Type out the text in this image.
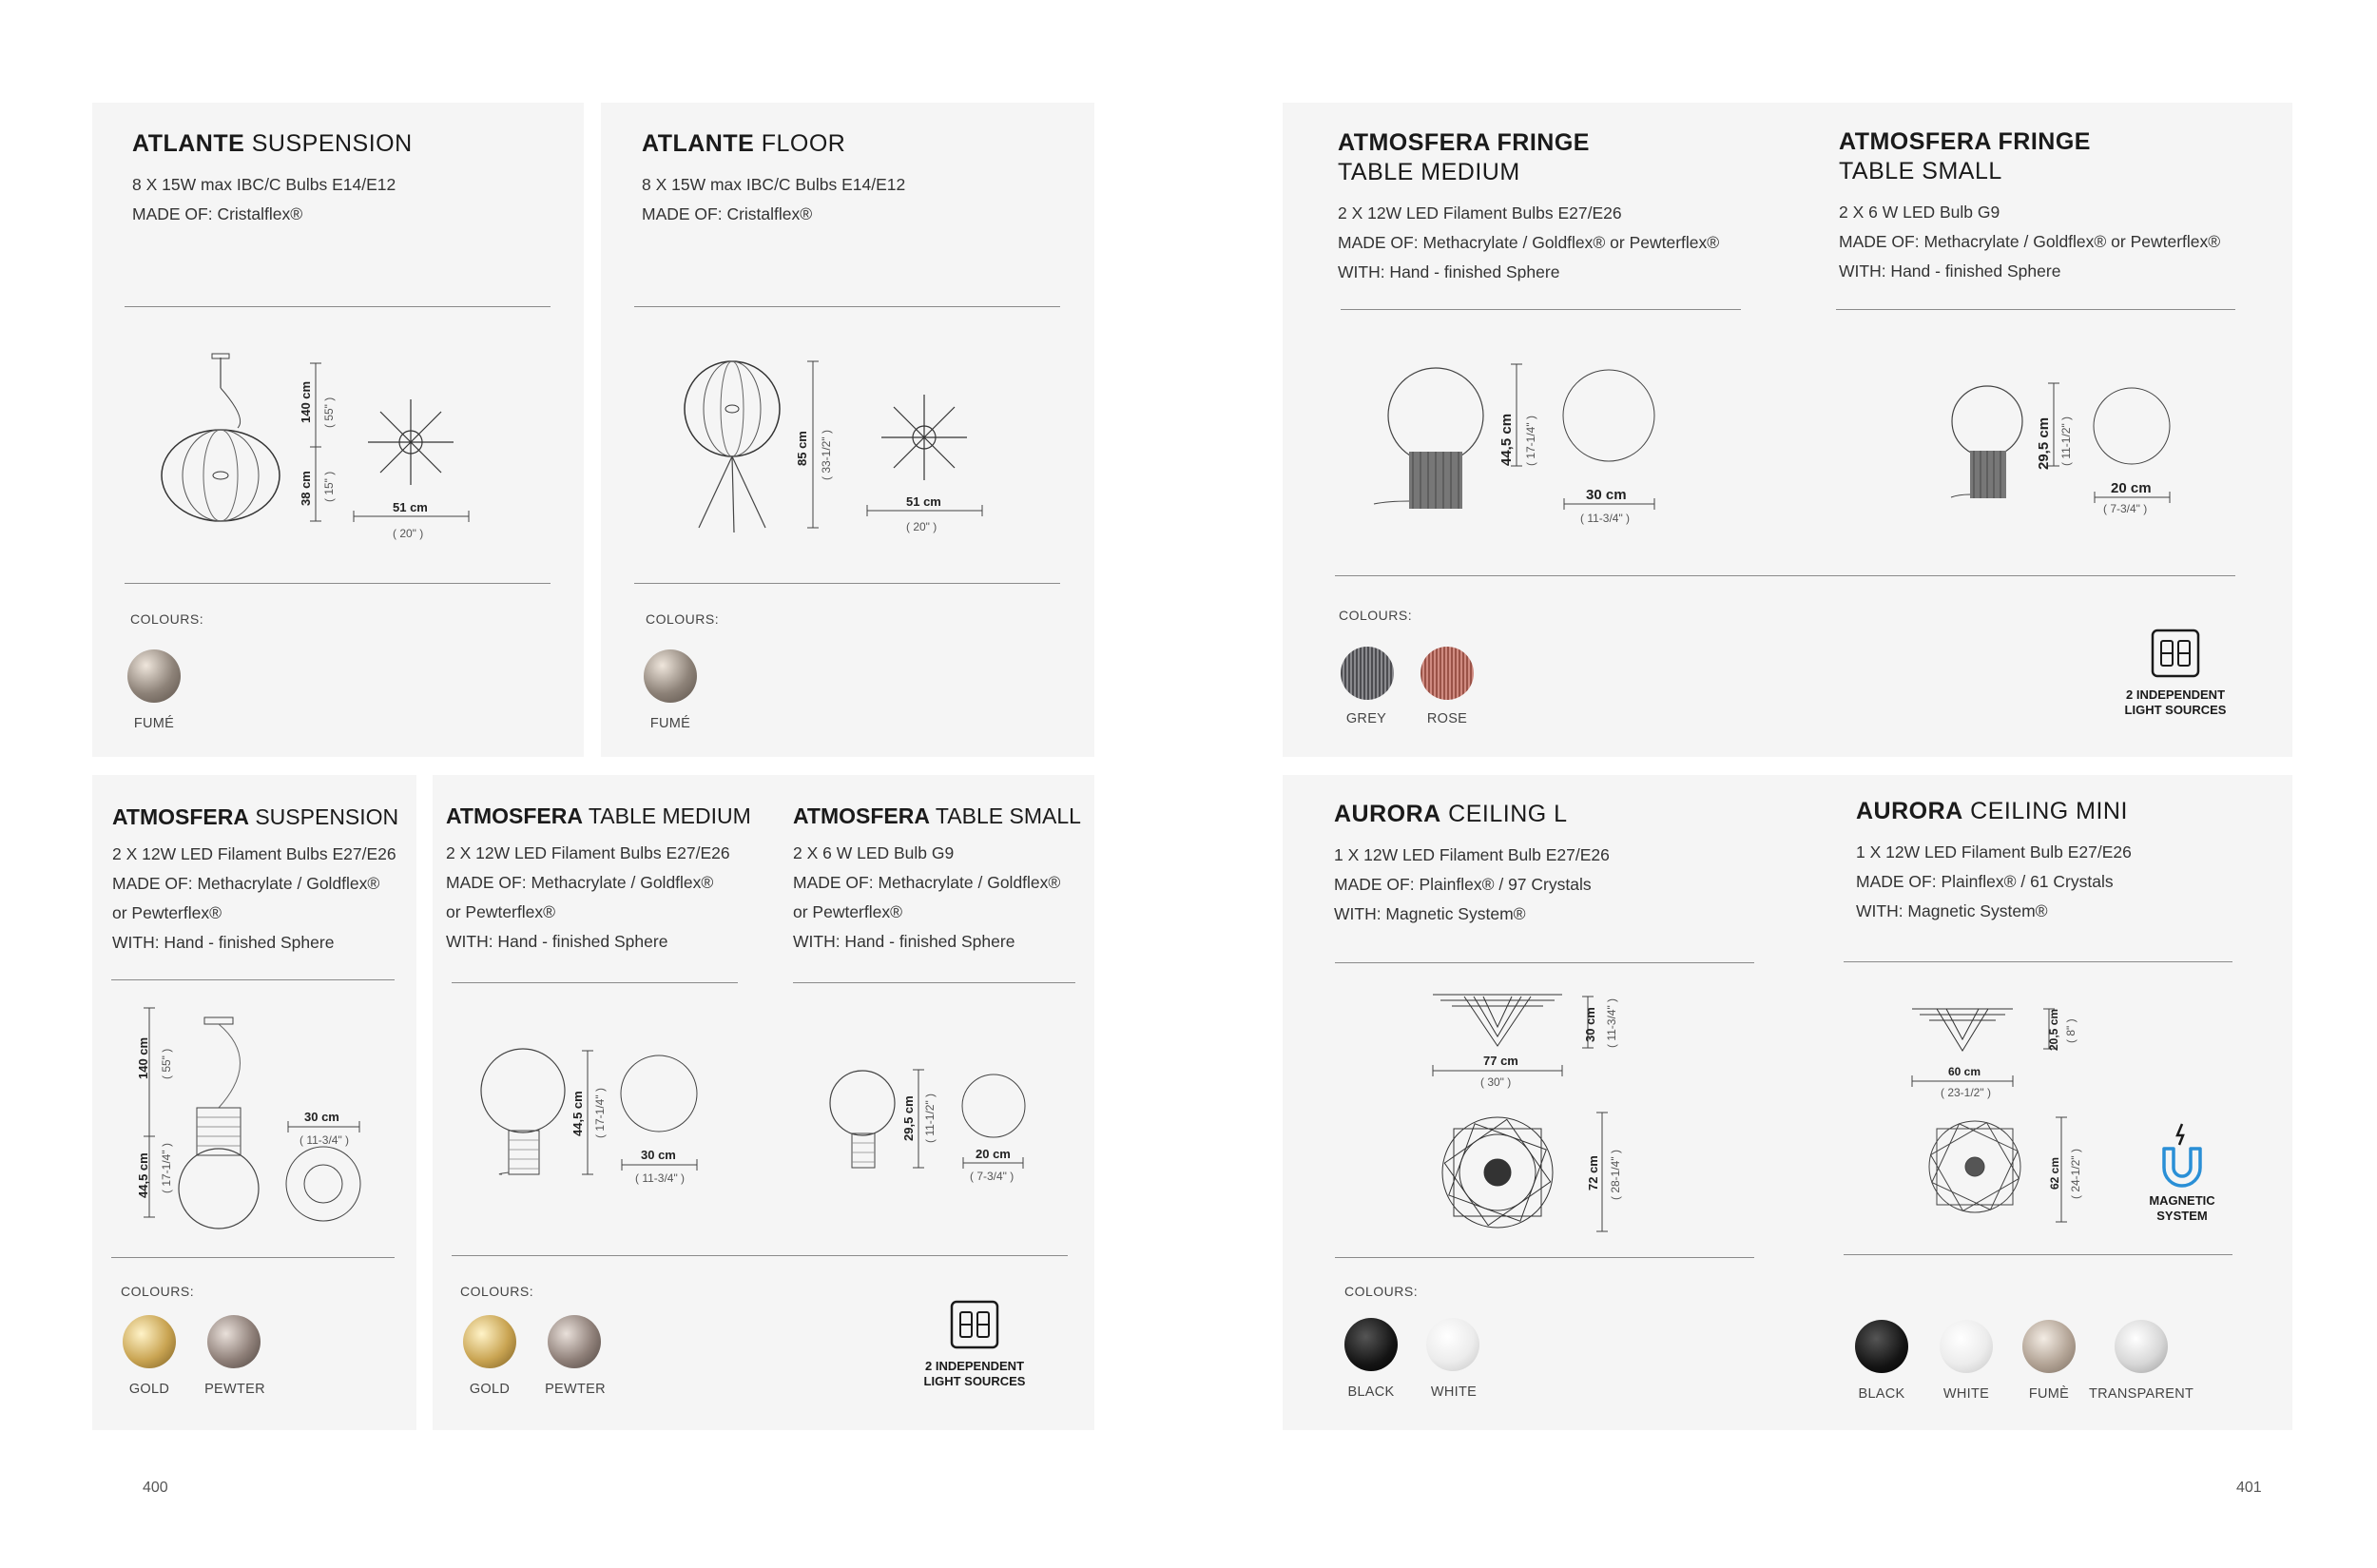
ATLANTE SUSPENSION
8 X 15W max IBC/C Bulbs E14/E12
MADE OF: Cristalflex®
140 cm ( 55" )
38 cm ( 15" )
51 cm
( 20" )
COLOURS:
FUMÉ
ATLANTE FLOOR
8 X 15W max IBC/C Bulbs E14/E12
MADE OF: Cristalflex®
85 cm ( 33-1/2" )
51 cm
( 20" )
COLOURS:
FUMÉ
ATMOSFERA SUSPENSION
2 X 12W LED Filament Bulbs E27/E26
MADE OF: Methacrylate / Goldflex®
or Pewterflex®
WITH: Hand - finished Sphere
140 cm ( 55" )
44,5 cm ( 17-1/4" )
30 cm
( 11-3/4" )
COLOURS:
GOLD	PEWTER
ATMOSFERA TABLE MEDIUM
2 X 12W LED Filament Bulbs E27/E26
MADE OF: Methacrylate / Goldflex®
or Pewterflex®
WITH: Hand - finished Sphere
44,5 cm ( 17-1/4" )
30 cm
( 11-3/4" )
ATMOSFERA TABLE SMALL
2 X 6 W LED Bulb G9
MADE OF: Methacrylate / Goldflex®
or Pewterflex®
WITH: Hand - finished Sphere
29,5 cm ( 11-1/2" )
20 cm
( 7-3/4" )
COLOURS:
GOLD	PEWTER
2 INDEPENDENT
LIGHT SOURCES
400
ATMOSFERA FRINGE
TABLE MEDIUM
2 X 12W LED Filament Bulbs E27/E26
MADE OF: Methacrylate / Goldflex® or Pewterflex®
WITH: Hand - finished Sphere
44,5 cm ( 17-1/4" )
30 cm
( 11-3/4" )
ATMOSFERA FRINGE
TABLE SMALL
2 X 6 W LED Bulb G9
MADE OF: Methacrylate / Goldflex® or Pewterflex®
WITH: Hand - finished Sphere
29,5 cm ( 11-1/2" )
20 cm
( 7-3/4" )
COLOURS:
GREY	ROSE
2 INDEPENDENT
LIGHT SOURCES
AURORA CEILING L
1 X 12W LED Filament Bulb E27/E26
MADE OF: Plainflex® / 97 Crystals
WITH: Magnetic System®
30 cm ( 11-3/4" )
77 cm
( 30" )
72 cm ( 28-1/4" )
COLOURS:
BLACK	WHITE
AURORA CEILING MINI
1 X 12W LED Filament Bulb E27/E26
MADE OF: Plainflex® / 61 Crystals
WITH: Magnetic System®
20,5 cm ( 8" )
60 cm
( 23-1/2" )
62 cm ( 24-1/2" )
MAGNETIC
SYSTEM
BLACK	WHITE	FUMÈ	TRANSPARENT
401
